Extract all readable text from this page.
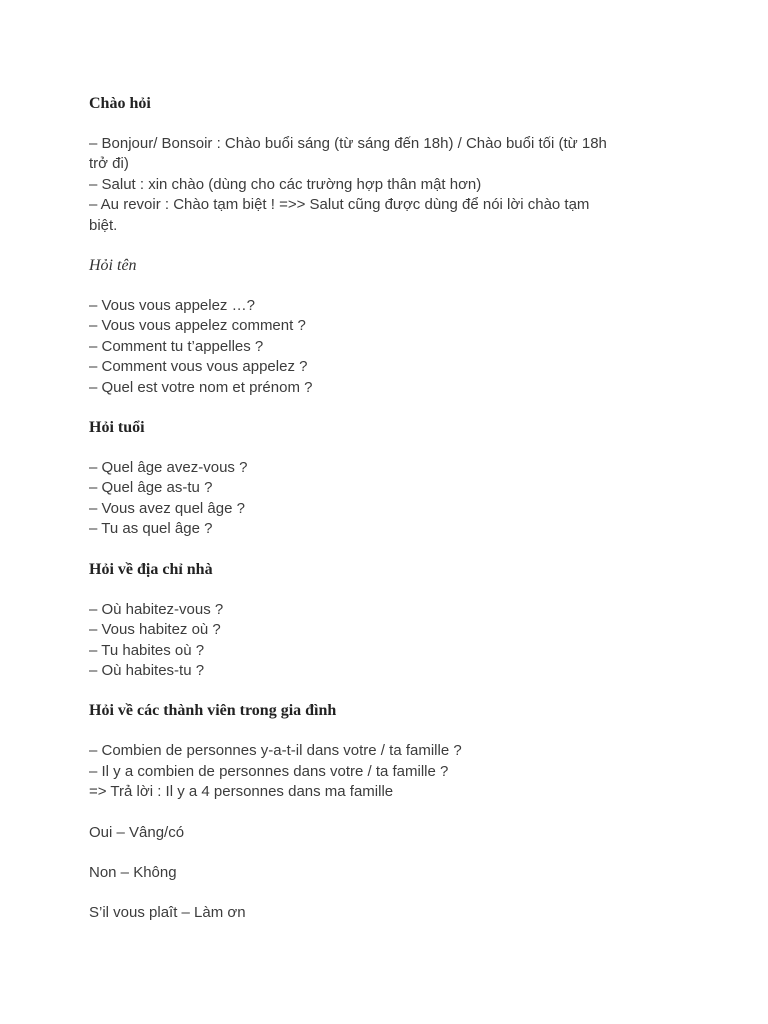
Chào hỏi

– Bonjour/ Bonsoir : Chào buổi sáng (từ sáng đến 18h) / Chào buổi tối (từ 18h

trở đi)

– Salut : xin chào (dùng cho các trường hợp thân mật hơn)

– Au revoir : Chào tạm biệt ! =>> Salut cũng được dùng để nói lời chào tạm

biệt.

Hỏi tên

– Vous vous appelez …?

– Vous vous appelez comment ?

– Comment tu t’appelles ?

– Comment vous vous appelez ?

– Quel est votre nom et prénom ?

Hỏi tuổi

– Quel âge avez-vous ?

– Quel âge as-tu ?

– Vous avez quel âge ?

– Tu as quel âge ?

Hỏi về địa chỉ nhà

– Où habitez-vous ?

– Vous habitez où ?

– Tu habites où ?

– Où habites-tu ?

Hỏi về các thành viên trong gia đình

– Combien de personnes y-a-t-il dans votre / ta famille ?

– Il y a combien de personnes dans votre / ta famille ?

=> Trả lời : Il y a 4 personnes dans ma famille

Oui – Vâng/có

Non – Không

S’il vous plaît – Làm ơn
